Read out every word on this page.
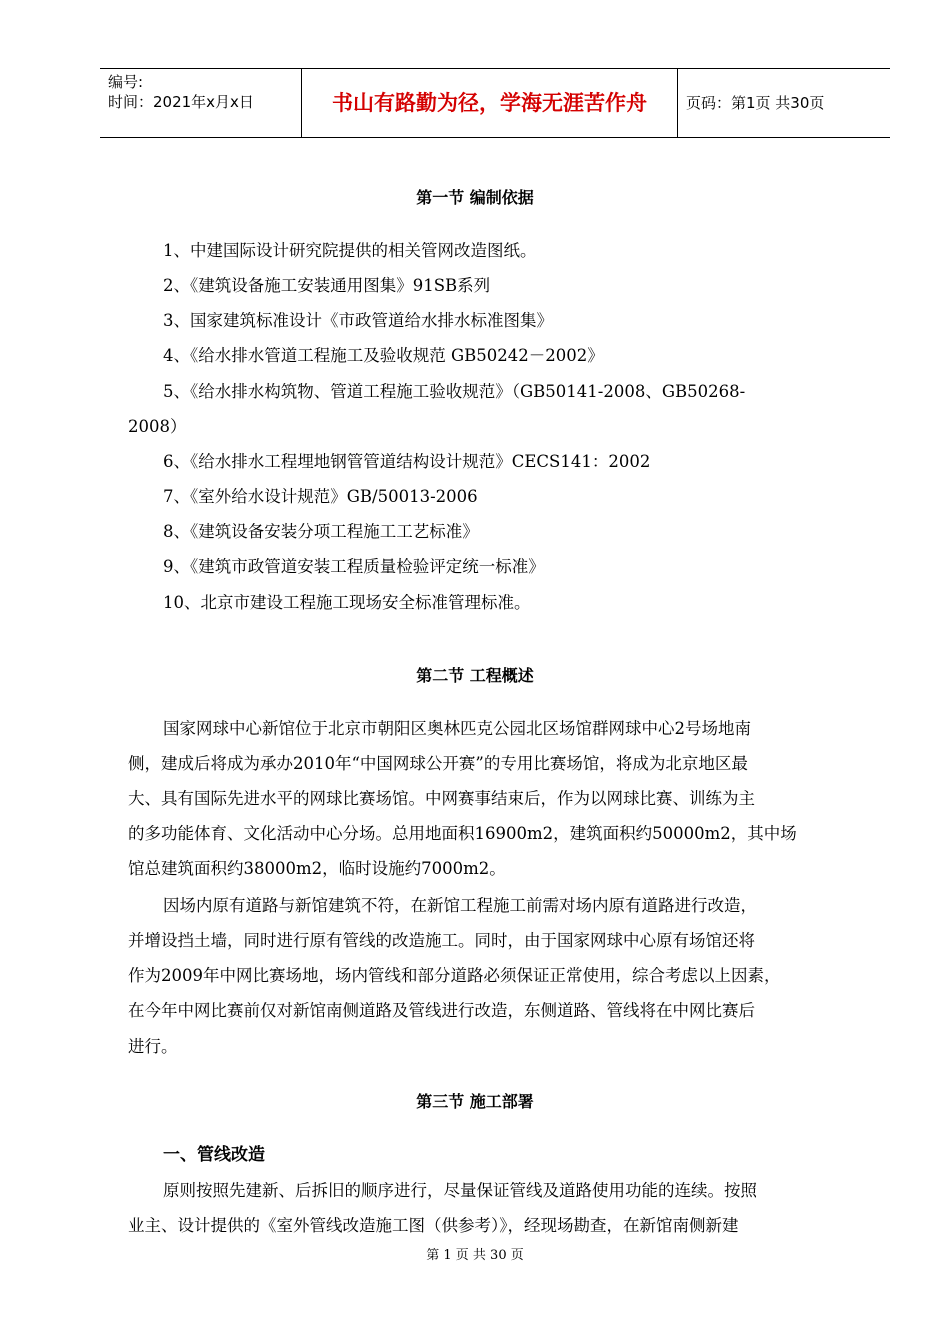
编号:
时间：2021年x月x日	书山有路勤为径，学海无涯苦作舟	页码：第1页 共30页
第一节 编制依据
1、中建国际设计研究院提供的相关管网改造图纸。
2、《建筑设备施工安装通用图集》91SB系列
3、国家建筑标准设计《市政管道给水排水标准图集》
4、《给水排水管道工程施工及验收规范 GB50242－2002》
5、《给水排水构筑物、管道工程施工验收规范》（GB50141-2008、GB50268-
2008）
6、《给水排水工程埋地钢管管道结构设计规范》CECS141：2002
7、《室外给水设计规范》GB/50013-2006
8、《建筑设备安装分项工程施工工艺标准》
9、《建筑市政管道安装工程质量检验评定统一标准》
10、北京市建设工程施工现场安全标准管理标准。
第二节 工程概述
国家网球中心新馆位于北京市朝阳区奥林匹克公园北区场馆群网球中心2号场地南
侧，建成后将成为承办2010年“中国网球公开赛”的专用比赛场馆，将成为北京地区最
大、具有国际先进水平的网球比赛场馆。中网赛事结束后，作为以网球比赛、训练为主
的多功能体育、文化活动中心分场。总用地面积16900m2，建筑面积约50000m2，其中场
馆总建筑面积约38000m2，临时设施约7000m2。
因场内原有道路与新馆建筑不符，在新馆工程施工前需对场内原有道路进行改造，
并增设挡土墙，同时进行原有管线的改造施工。同时，由于国家网球中心原有场馆还将
作为2009年中网比赛场地，场内管线和部分道路必须保证正常使用，综合考虑以上因素，
在今年中网比赛前仅对新馆南侧道路及管线进行改造，东侧道路、管线将在中网比赛后
进行。
第三节 施工部署
一、管线改造
原则按照先建新、后拆旧的顺序进行，尽量保证管线及道路使用功能的连续。按照
业主、设计提供的《室外管线改造施工图（供参考）》，经现场勘查，在新馆南侧新建
第 1 页 共 30 页
